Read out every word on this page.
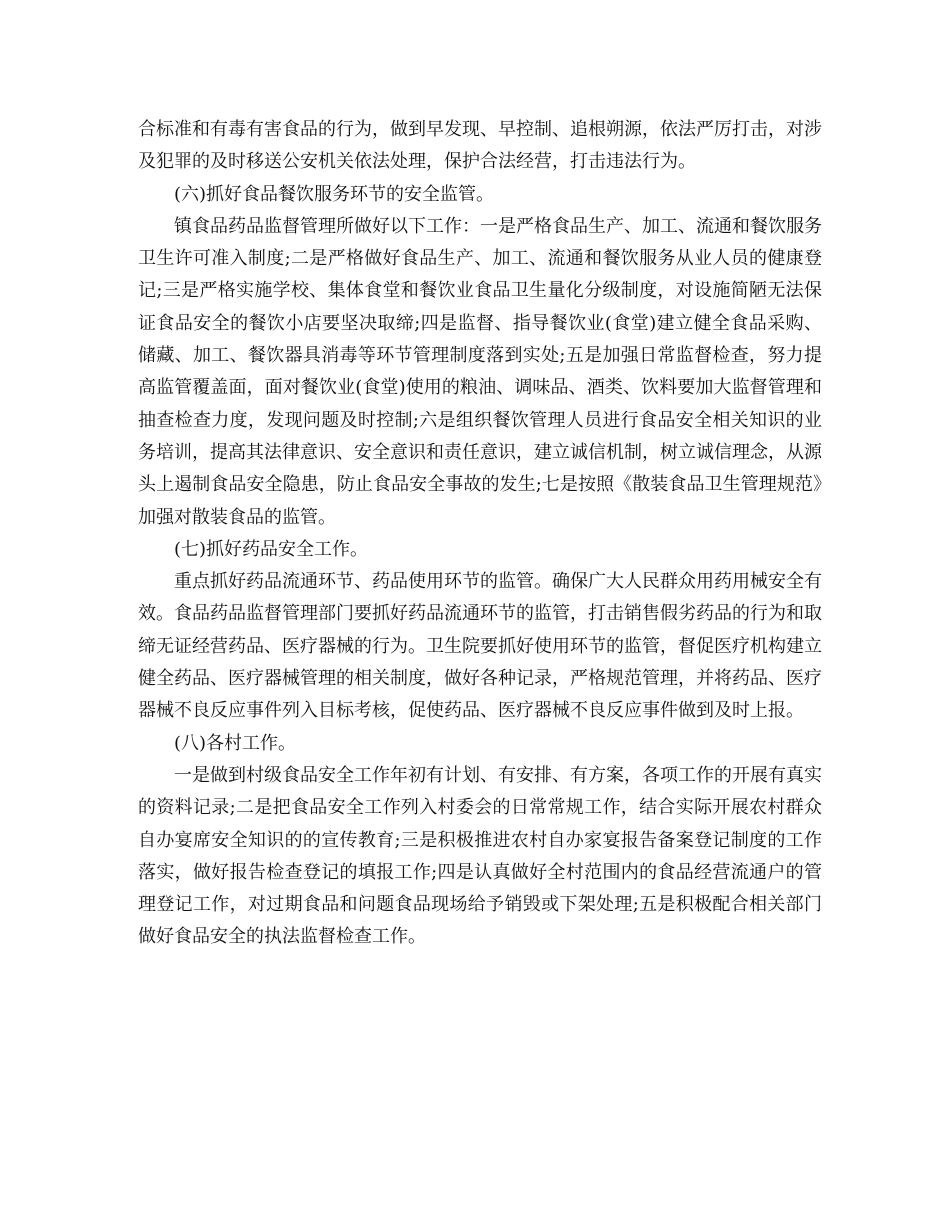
合标准和有毒有害食品的行为，做到早发现、早控制、追根朔源，依法严厉打击，对涉及犯罪的及时移送公安机关依法处理，保护合法经营，打击违法行为。

(六)抓好食品餐饮服务环节的安全监管。

镇食品药品监督管理所做好以下工作：一是严格食品生产、加工、流通和餐饮服务卫生许可准入制度;二是严格做好食品生产、加工、流通和餐饮服务从业人员的健康登记;三是严格实施学校、集体食堂和餐饮业食品卫生量化分级制度，对设施简陋无法保证食品安全的餐饮小店要坚决取缔;四是监督、指导餐饮业(食堂)建立健全食品采购、储藏、加工、餐饮器具消毒等环节管理制度落到实处;五是加强日常监督检查，努力提高监管覆盖面，面对餐饮业(食堂)使用的粮油、调味品、酒类、饮料要加大监督管理和抽查检查力度，发现问题及时控制;六是组织餐饮管理人员进行食品安全相关知识的业务培训，提高其法律意识、安全意识和责任意识，建立诚信机制，树立诚信理念，从源头上遏制食品安全隐患，防止食品安全事故的发生;七是按照《散装食品卫生管理规范》加强对散装食品的监管。

(七)抓好药品安全工作。

重点抓好药品流通环节、药品使用环节的监管。确保广大人民群众用药用械安全有效。食品药品监督管理部门要抓好药品流通环节的监管，打击销售假劣药品的行为和取缔无证经营药品、医疗器械的行为。卫生院要抓好使用环节的监管，督促医疗机构建立健全药品、医疗器械管理的相关制度，做好各种记录，严格规范管理，并将药品、医疗器械不良反应事件列入目标考核，促使药品、医疗器械不良反应事件做到及时上报。

(八)各村工作。

一是做到村级食品安全工作年初有计划、有安排、有方案，各项工作的开展有真实的资料记录;二是把食品安全工作列入村委会的日常常规工作，结合实际开展农村群众自办宴席安全知识的的宣传教育;三是积极推进农村自办家宴报告备案登记制度的工作落实，做好报告检查登记的填报工作;四是认真做好全村范围内的食品经营流通户的管理登记工作，对过期食品和问题食品现场给予销毁或下架处理;五是积极配合相关部门做好食品安全的执法监督检查工作。
